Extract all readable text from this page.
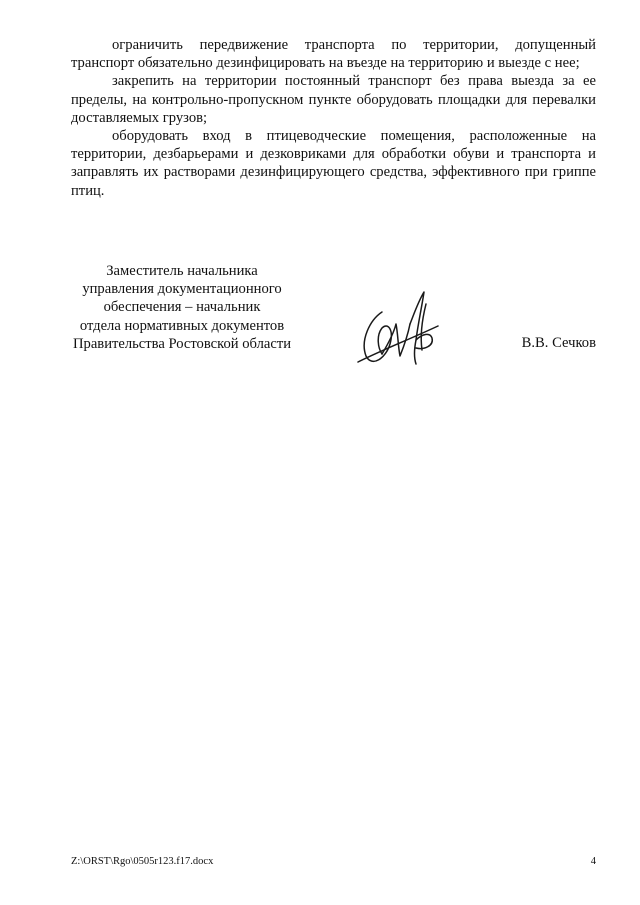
ограничить передвижение транспорта по территории, допущенный транспорт обязательно дезинфицировать на въезде на территорию и выезде с нее;

закрепить на территории постоянный транспорт без права выезда за ее пределы, на контрольно-пропускном пункте оборудовать площадки для перевалки доставляемых грузов;

оборудовать вход в птицеводческие помещения, расположенные на территории, дезбарьерами и дезковриками для обработки обуви и транспорта и заправлять их растворами дезинфицирующего средства, эффективного при гриппе птиц.

Заместитель начальника
управления документационного
обеспечения – начальник
отдела нормативных документов
Правительства Ростовской области	В.В. Сечков
Z:\ORST\Rgo\0505r123.f17.docx	4
